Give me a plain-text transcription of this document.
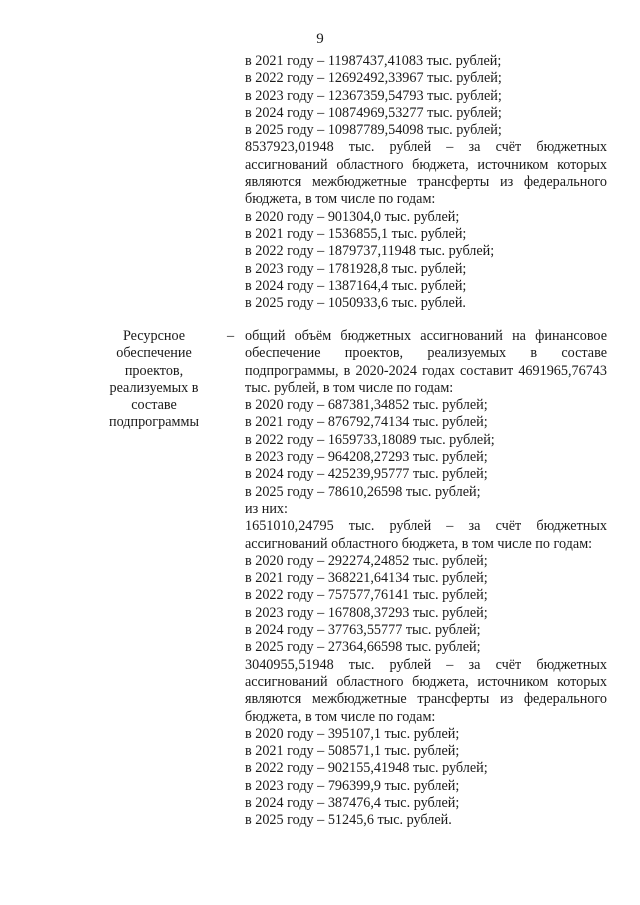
9
в 2021 году – 11987437,41083 тыс. рублей;
в 2022 году – 12692492,33967 тыс. рублей;
в 2023 году – 12367359,54793 тыс. рублей;
в 2024 году – 10874969,53277 тыс. рублей;
в 2025 году – 10987789,54098 тыс. рублей;
8537923,01948 тыс. рублей – за счёт бюджетных ассигнований областного бюджета, источником которых являются межбюджетные трансферты из федерального бюджета, в том числе по годам:
в 2020 году – 901304,0 тыс. рублей;
в 2021 году – 1536855,1 тыс. рублей;
в 2022 году – 1879737,11948 тыс. рублей;
в 2023 году – 1781928,8 тыс. рублей;
в 2024 году – 1387164,4 тыс. рублей;
в 2025 году – 1050933,6 тыс. рублей.
Ресурсное обеспечение проектов, реализуемых в составе подпрограммы
– общий объём бюджетных ассигнований на финансовое обеспечение проектов, реализуемых в составе подпрограммы, в 2020-2024 годах составит 4691965,76743 тыс. рублей, в том числе по годам:
в 2020 году – 687381,34852 тыс. рублей;
в 2021 году – 876792,74134 тыс. рублей;
в 2022 году – 1659733,18089 тыс. рублей;
в 2023 году – 964208,27293 тыс. рублей;
в 2024 году – 425239,95777 тыс. рублей;
в 2025 году – 78610,26598 тыс. рублей;
из них:
1651010,24795 тыс. рублей – за счёт бюджетных ассигнований областного бюджета, в том числе по годам:
в 2020 году – 292274,24852 тыс. рублей;
в 2021 году – 368221,64134 тыс. рублей;
в 2022 году – 757577,76141 тыс. рублей;
в 2023 году – 167808,37293 тыс. рублей;
в 2024 году – 37763,55777 тыс. рублей;
в 2025 году – 27364,66598 тыс. рублей;
3040955,51948 тыс. рублей – за счёт бюджетных ассигнований областного бюджета, источником которых являются межбюджетные трансферты из федерального бюджета, в том числе по годам:
в 2020 году – 395107,1 тыс. рублей;
в 2021 году – 508571,1 тыс. рублей;
в 2022 году – 902155,41948 тыс. рублей;
в 2023 году – 796399,9 тыс. рублей;
в 2024 году – 387476,4 тыс. рублей;
в 2025 году – 51245,6 тыс. рублей.
